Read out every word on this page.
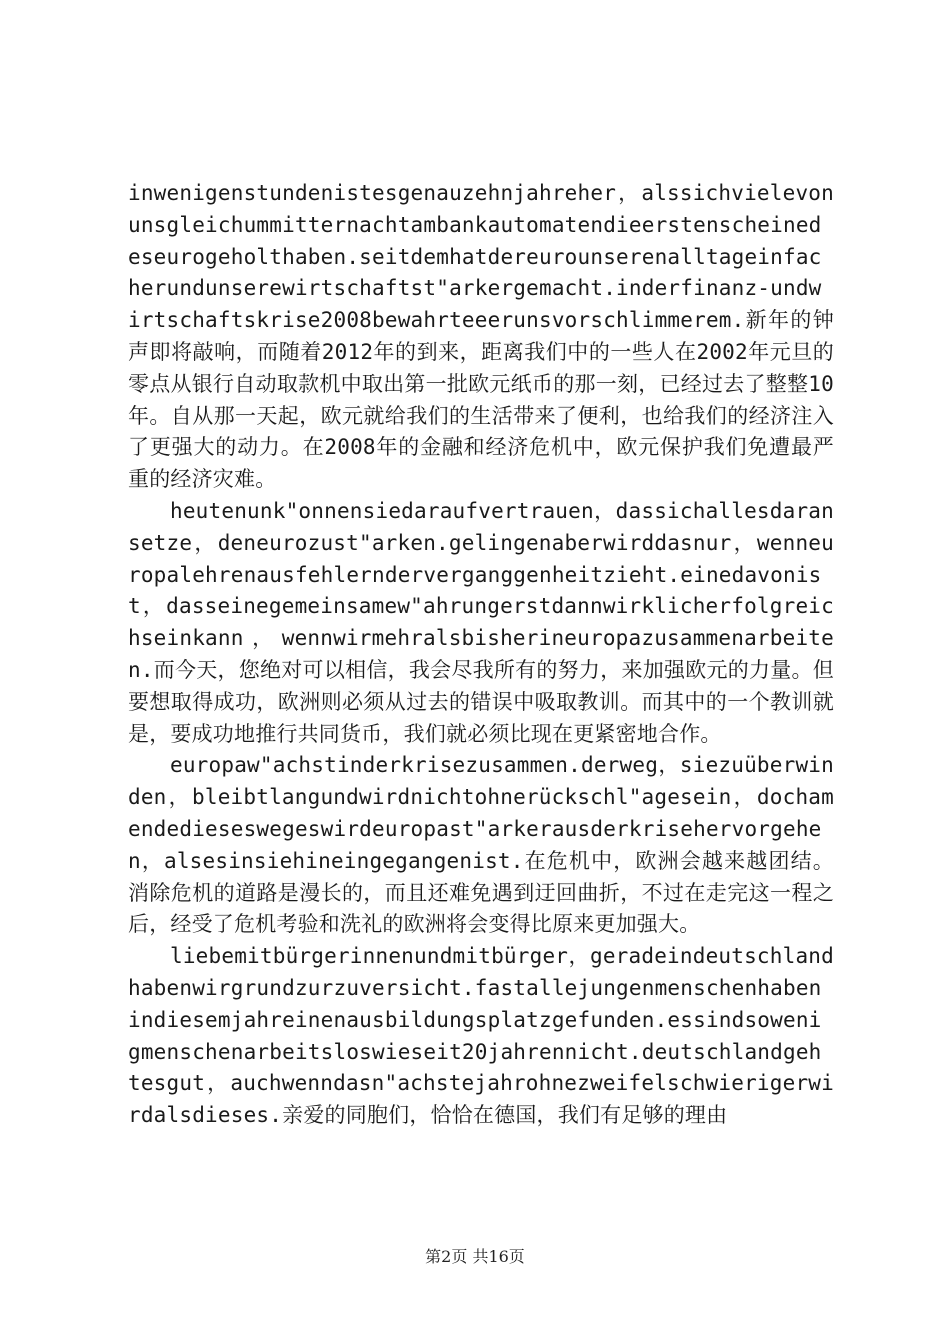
inwenigenstundenistesgenauzehnjahreher，alssichvielevonunsgleichummitternachtambankautomatendieerstenscheinedeseurogeholthaben.seitdemhatdereurounserenalltageinfacherundunserewirtschaftst"arkergemacht.inderfinanz-undwirtschaftskrise2008bewahrteeerunsvorschlimmerem.新年的钟声即将敲响，而随着2012年的到来，距离我们中的一些人在2002年元旦的零点从银行自动取款机中取出第一批欧元纸币的那一刻，已经过去了整整10年。自从那一天起，欧元就给我们的生活带来了便利，也给我们的经济注入了更强大的动力。在2008年的金融和经济危机中，欧元保护我们免遭最严重的经济灾难。

heutenunk"onnensiedaraufvertrauen，dassichallesdaransetze，deneurozust"arken.gelingenaberwirddasnur，wenneuropalehrenausfehlernderverganggenheitzieht.einedavonist，dasseinegemeinsamew"ahrungerstdannwirklicherfolgreichseinkann，wennwirmehralsbisherineuropazusammenarbeiten.而今天，您绝对可以相信，我会尽我所有的努力，来加强欧元的力量。但要想取得成功，欧洲则必须从过去的错误中吸取教训。而其中的一个教训就是，要成功地推行共同货币，我们就必须比现在更紧密地合作。

europaw"achstinderkrisezusammen.derweg，siezuüberwinden，bleibtlangundwirdnichtohnerückschl"agesein，dochamendedieseswegeswirdeuropast"arkerausderkrisehervorgehen，alsesinsiehineingegangenist.在危机中，欧洲会越来越团结。消除危机的道路是漫长的，而且还难免遇到迂回曲折，不过在走完这一程之后，经受了危机考验和洗礼的欧洲将会变得比原来更加强大。

liebemitbürgerinnenundmitbürger，geradeindeutschlandhabenwirgrundzurzuversicht.fastallejungenmenschenhabenindiesemjahreinenausbildungsplatzgefunden.essindsowenigmenschenarbeitsloswieseit20jahrennicht.deutschlandgehtesgut，auchwenndasn"achstejahrohnezweifelschwierigerwirdalsdieses.亲爱的同胞们，恰恰在德国，我们有足够的理由

第2页 共16页
